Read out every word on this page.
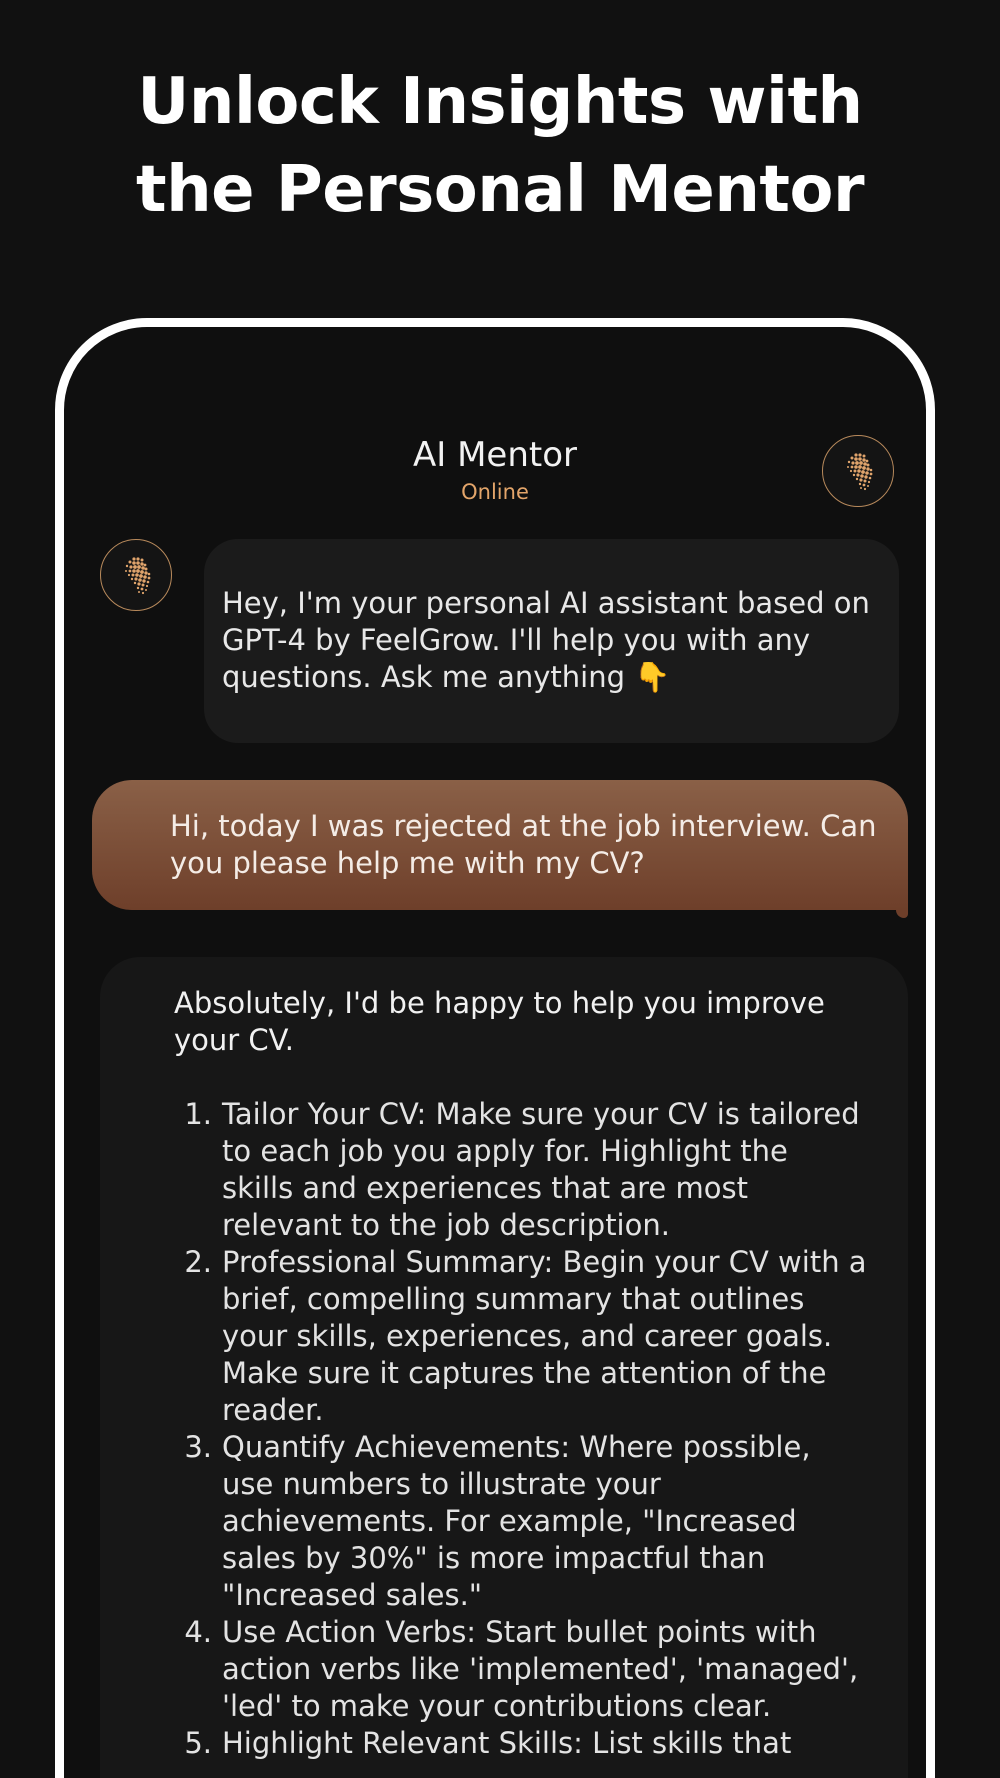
Unlock Insights with
the Personal Mentor
AI Mentor
Online
Hey, I'm your personal AI assistant based on GPT-4 by FeelGrow. I'll help you with any questions. Ask me anything 👇
Hi, today I was rejected at the job interview. Can you please help me with my CV?

Absolutely, I'd be happy to help you improve your CV.

1. Tailor Your CV: Make sure your CV is tailored to each job you apply for. Highlight the skills and experiences that are most relevant to the job description.
2. Professional Summary: Begin your CV with a brief, compelling summary that outlines your skills, experiences, and career goals. Make sure it captures the attention of the reader.
3. Quantify Achievements: Where possible, use numbers to illustrate your achievements. For example, "Increased sales by 30%" is more impactful than "Increased sales."
4. Use Action Verbs: Start bullet points with action verbs like 'implemented', 'managed', 'led' to make your contributions clear.
5. Highlight Relevant Skills: List skills that
